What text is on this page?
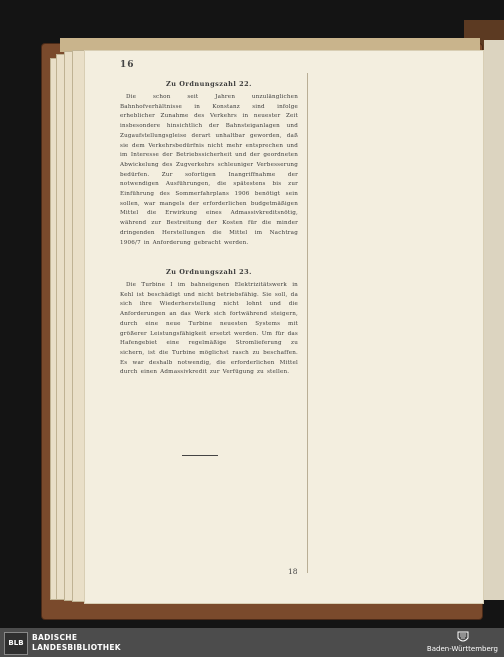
16

Zu Ordnungszahl 22.

Die schon seit Jahren unzulänglichen Bahnhofverhältnisse in Konstanz sind infolge erheblicher Zunahme des Verkehrs in neuester Zeit insbesondere hinsichtlich der Bahnsteiganlagen und Zugaufstellungsgleise derart unhaltbar geworden, daß sie dem Verkehrsbedürfnis nicht mehr entsprechen und im Interesse der Betriebssicherheit und der geordneten Abwickelung des Zugverkehrs schleuniger Verbesserung bedürfen. Zur sofortigen Inangriffnahme der notwendigen Ausführungen, die spätestens bis zur Einführung des Sommerfahrplans 1906 benötigt sein sollen, war mangels der erforderlichen budgetmäßigen Mittel die Erwirkung eines Admassivkreditsnötig, während zur Bestreitung der Kosten für die minder dringenden Herstellungen die Mittel im Nachtrag 1906/7 in Anforderung gebracht werden.

Zu Ordnungszahl 23.

Die Turbine I im bahneigenen Elektrizitätswerk in Kehl ist beschädigt und nicht betriebsfähig. Sie soll, da sich ihre Wiederherstellung nicht lohnt und die Anforderungen an das Werk sich fortwährend steigern, durch eine neue Turbine neuesten Systems mit größerer Leistungsfähigkeit ersetzt werden. Um für das Hafengebiet eine regelmäßige Stromlieferung zu sichern, ist die Turbine möglichst rasch zu beschaffen. Es war deshalb notwendig, die erforderlichen Mittel durch einen Admassivkredit zur Verfügung zu stellen.

18
BLB
BADISCHE
LANDESBIBLIOTHEK	Baden-Württemberg
